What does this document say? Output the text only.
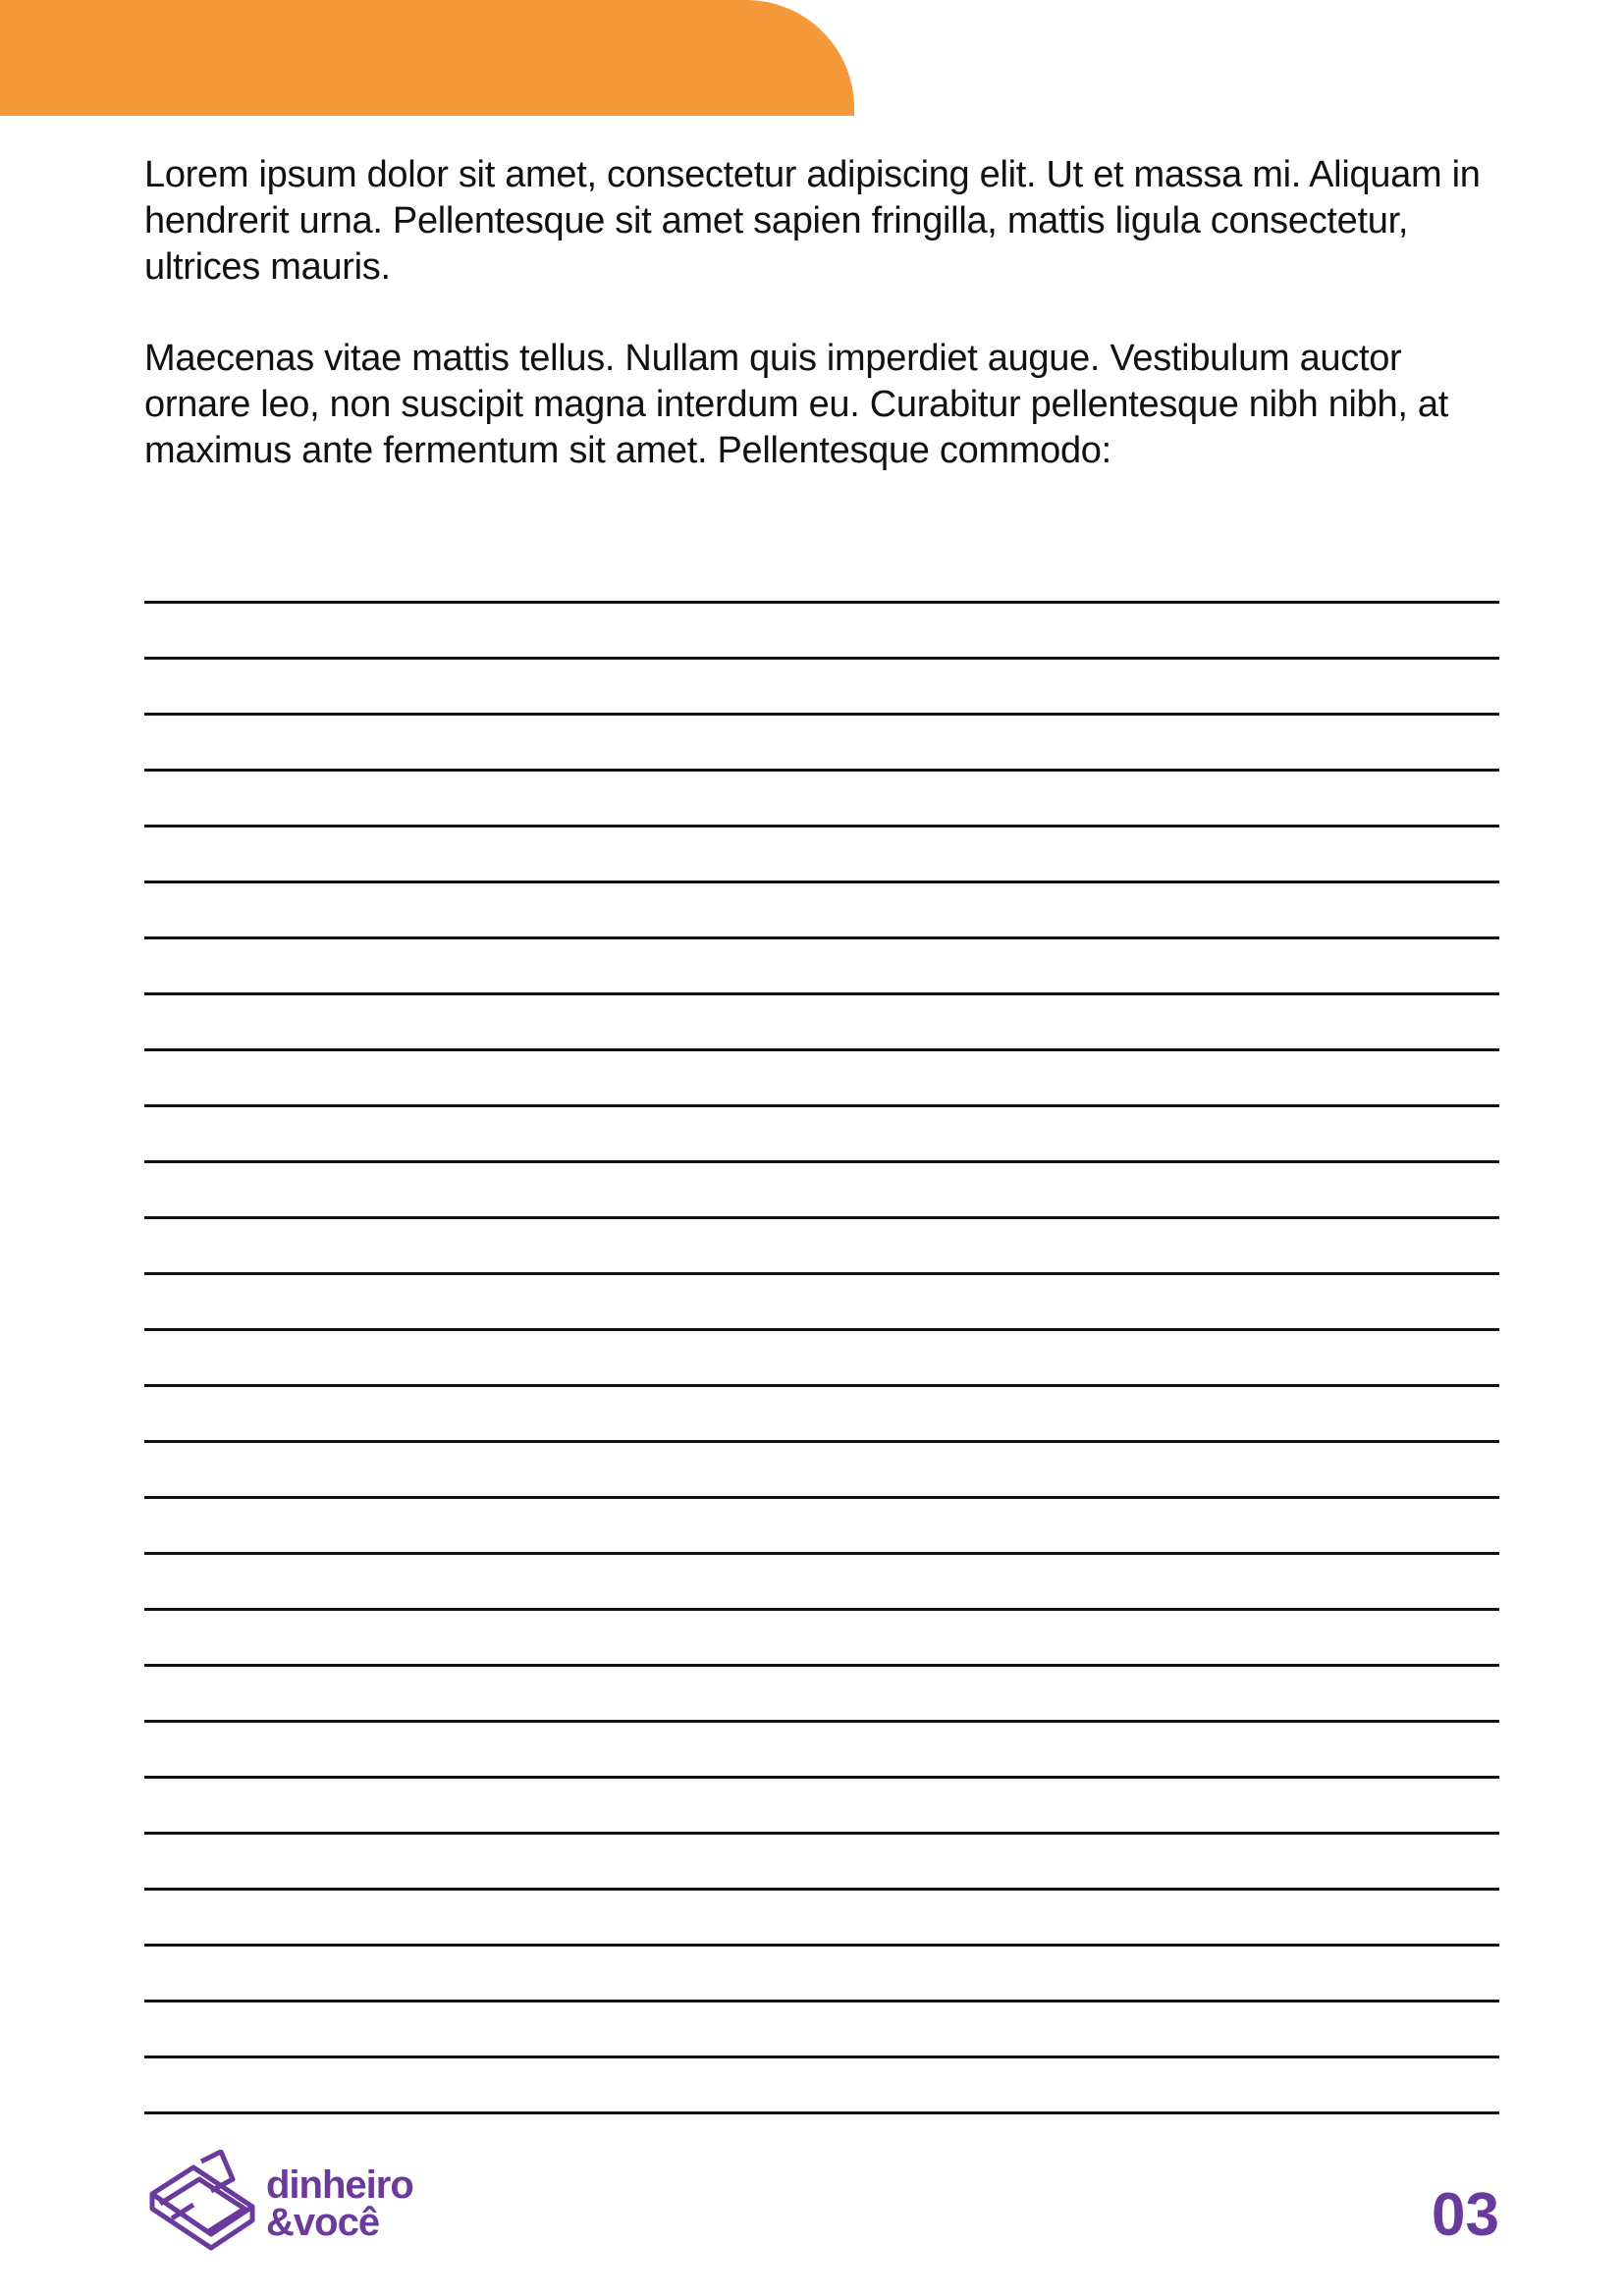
Lorem ipsum dolor sit amet, consectetur adipiscing elit. Ut et massa mi. Aliquam in hendrerit urna. Pellentesque sit amet sapien fringilla, mattis ligula consectetur, ultrices mauris.

Maecenas vitae mattis tellus. Nullam quis imperdiet augue. Vestibulum auctor ornare leo, non suscipit magna interdum eu. Curabitur pellentesque nibh nibh, at maximus ante fermentum sit amet. Pellentesque commodo:

dinheiro
&você	03
